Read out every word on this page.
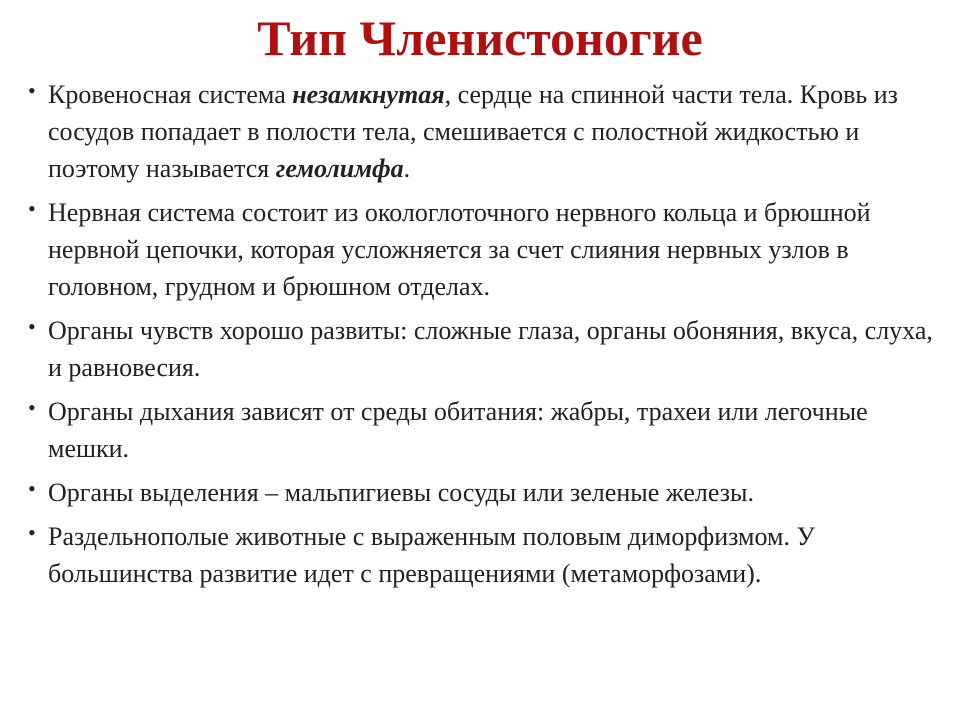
Тип Членистоногие
• Кровеносная система незамкнутая, сердце на спинной части тела. Кровь из сосудов попадает в полости тела, смешивается с полостной жидкостью и поэтому называется гемолимфа.
• Нервная система состоит из окологлоточного нервного кольца и брюшной нервной цепочки, которая усложняется за счет слияния нервных узлов в головном, грудном и брюшном отделах.
• Органы чувств хорошо развиты: сложные глаза, органы обоняния, вкуса, слуха, и равновесия.
• Органы дыхания зависят от среды обитания: жабры, трахеи или легочные мешки.
• Органы выделения – мальпигиевы сосуды или зеленые железы.
• Раздельнополые животные с выраженным половым диморфизмом. У большинства развитие идет с превращениями (метаморфозами).
